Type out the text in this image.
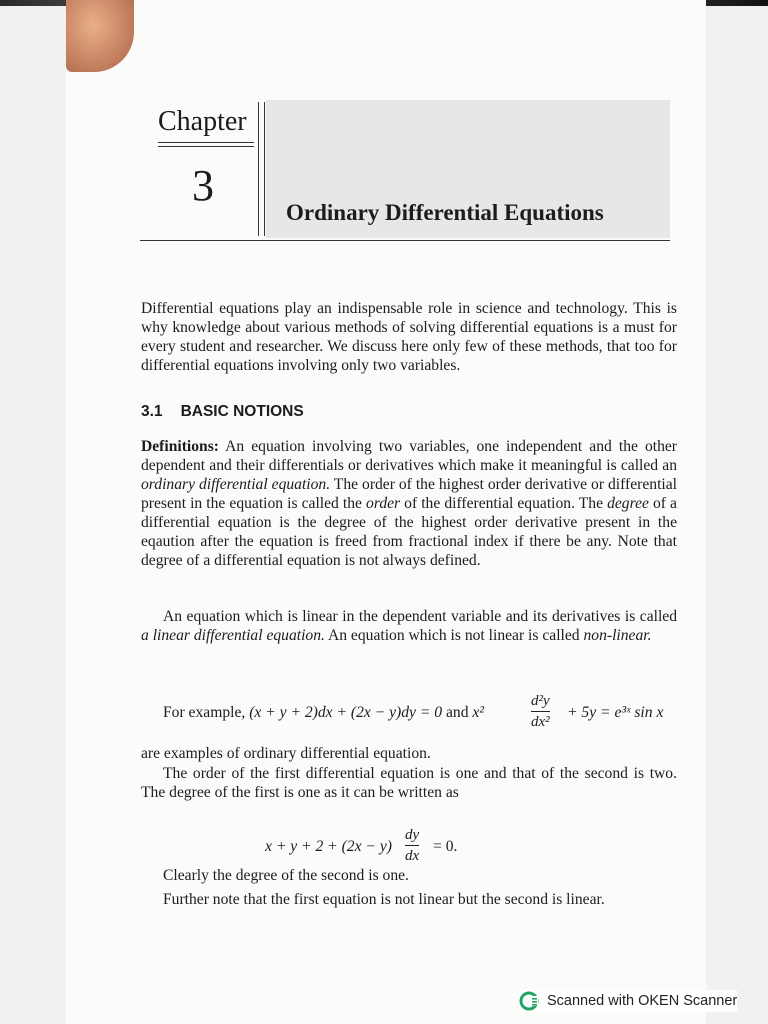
Chapter
3
Ordinary Differential Equations

Differential equations play an indispensable role in science and technology. This is why knowledge about various methods of solving differential equations is a must for every student and researcher. We discuss here only few of these methods, that too for differential equations involving only two variables.

3.1 BASIC NOTIONS

Definitions: An equation involving two variables, one independent and the other dependent and their differentials or derivatives which make it meaningful is called an ordinary differential equation. The order of the highest order derivative or differential present in the equation is called the order of the differential equation. The degree of a differential equation is the degree of the highest order derivative present in the eqaution after the equation is freed from fractional index if there be any. Note that degree of a differential equation is not always defined.

An equation which is linear in the dependent variable and its derivatives is called a linear differential equation. An equation which is not linear is called non-linear.

For example, (x + y + 2)dx + (2x − y)dy = 0 and x²
d²y
dx²
+ 5y = e³ˣ sin x

are examples of ordinary differential equation.

The order of the first differential equation is one and that of the second is two. The degree of the first is one as it can be written as

x + y + 2 + (2x − y)
dy
dx
= 0.

Clearly the degree of the second is one.

Further note that the first equation is not linear but the second is linear.

Scanned with OKEN Scanner
